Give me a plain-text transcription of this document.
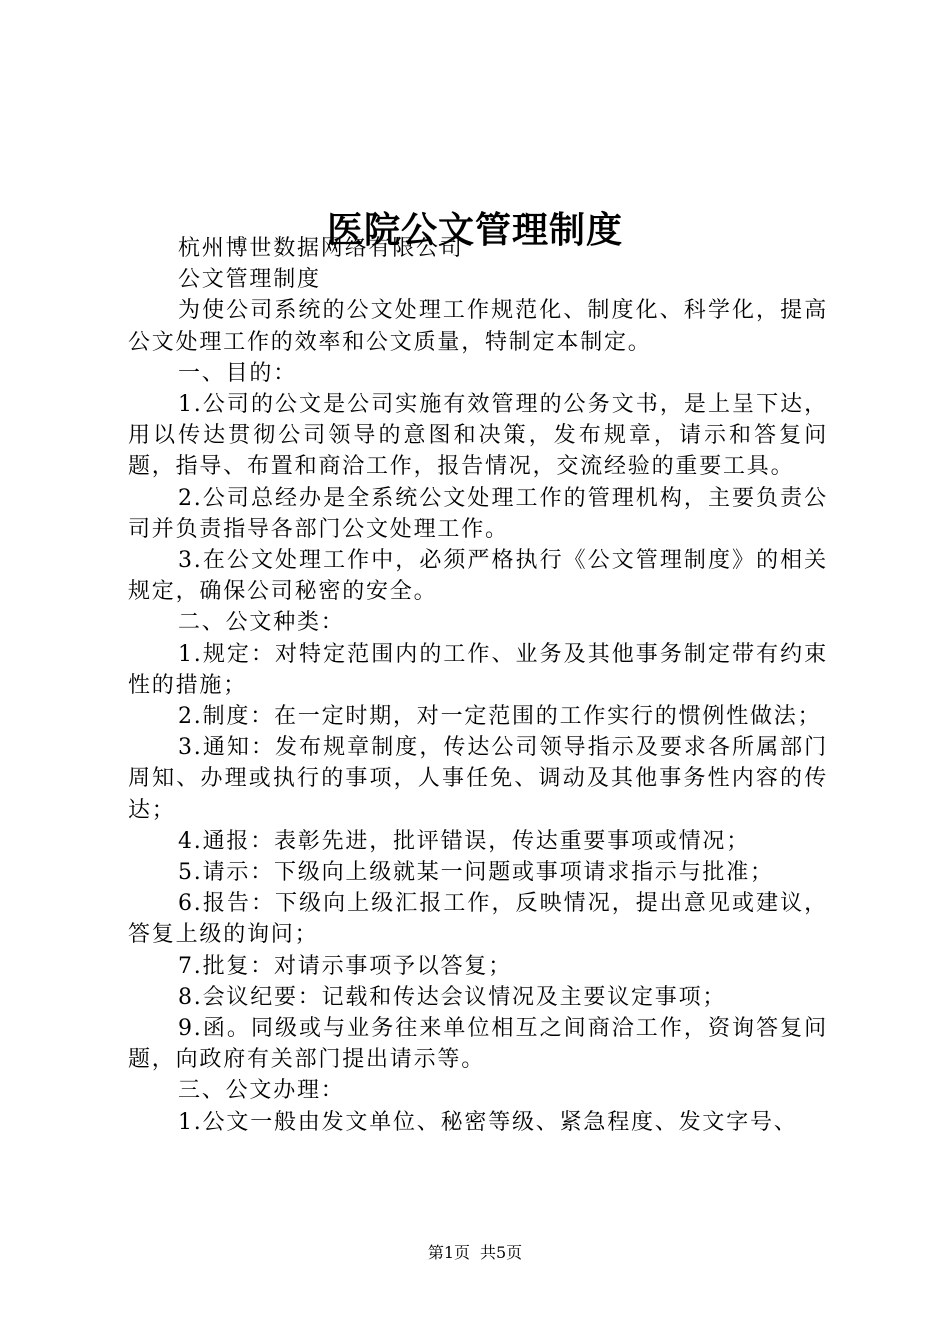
医院公文管理制度

杭州博世数据网络有限公司

公文管理制度

为使公司系统的公文处理工作规范化、制度化、科学化，提高公文处理工作的效率和公文质量，特制定本制定。

一、目的：

1.公司的公文是公司实施有效管理的公务文书，是上呈下达，用以传达贯彻公司领导的意图和决策，发布规章，请示和答复问题，指导、布置和商洽工作，报告情况，交流经验的重要工具。

2.公司总经办是全系统公文处理工作的管理机构，主要负责公司并负责指导各部门公文处理工作。

3.在公文处理工作中，必须严格执行《公文管理制度》的相关规定，确保公司秘密的安全。

二、公文种类：

1.规定：对特定范围内的工作、业务及其他事务制定带有约束性的措施；

2.制度：在一定时期，对一定范围的工作实行的惯例性做法；

3.通知：发布规章制度，传达公司领导指示及要求各所属部门周知、办理或执行的事项，人事任免、调动及其他事务性内容的传达；

4.通报：表彰先进，批评错误，传达重要事项或情况；

5.请示：下级向上级就某一问题或事项请求指示与批准；

6.报告：下级向上级汇报工作，反映情况，提出意见或建议，答复上级的询问；

7.批复：对请示事项予以答复；

8.会议纪要：记载和传达会议情况及主要议定事项；

9.函。同级或与业务往来单位相互之间商洽工作，资询答复问题，向政府有关部门提出请示等。

三、公文办理：

1.公文一般由发文单位、秘密等级、紧急程度、发文字号、

第1页 共5页
